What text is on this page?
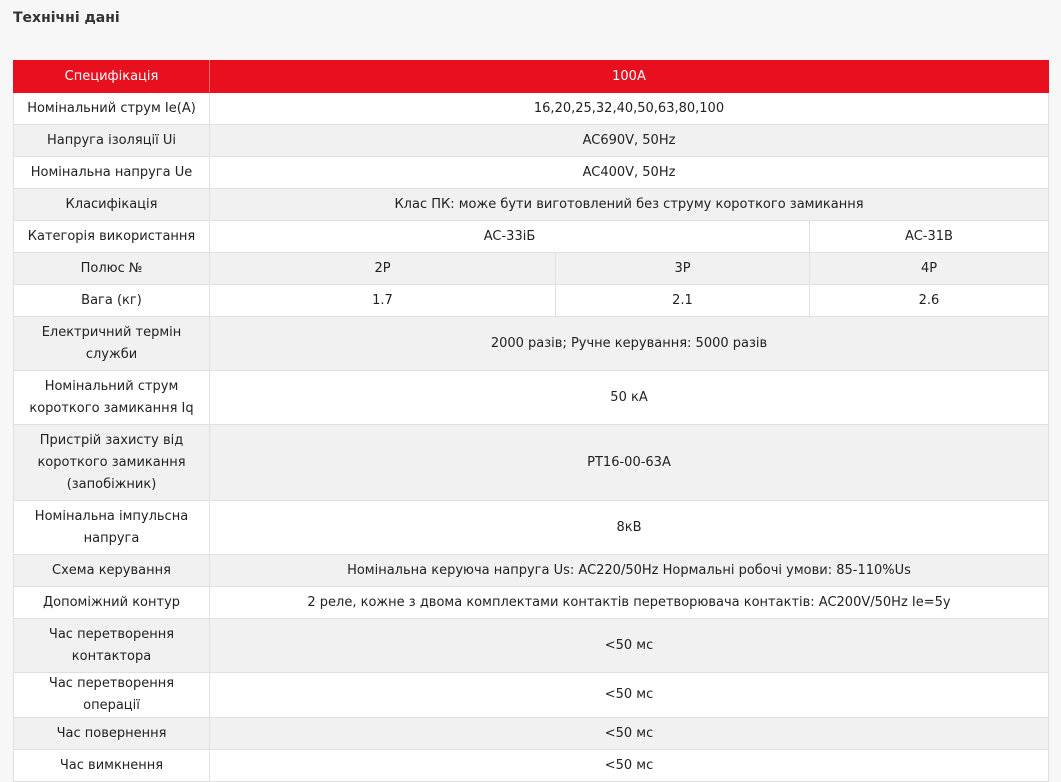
Технічні дані
Специфікація	100А		
Номінальний струм Ie(A)	16,20,25,32,40,50,63,80,100		
Напруга ізоляції Ui	AC690V, 50Hz		
Номінальна напруга Ue	AC400V, 50Hz		
Класифікація	Клас ПК: може бути виготовлений без струму короткого замикання		
Категорія використання	AC-33іБ		AC-31B
Полюс №	2P	3P	4P
Вага (кг)	1.7	2.1	2.6
Електричний термін служби	2000 разів; Ручне керування: 5000 разів		
Номінальний струм короткого замикання Iq	50 кА		
Пристрій захисту від короткого замикання (запобіжник)	РТ16-00-63А		
Номінальна імпульсна напруга	8кВ		
Схема керування	Номінальна керуюча напруга Us: AC220/50Hz Нормальні робочі умови: 85-110%Us		
Допоміжний контур	2 реле, кожне з двома комплектами контактів перетворювача контактів: AC200V/50Hz Ie=5у		
Час перетворення контактора	<50 мс		
Час перетворення операції	<50 мс		
Час повернення	<50 мс		
Час вимкнення	<50 мс		
